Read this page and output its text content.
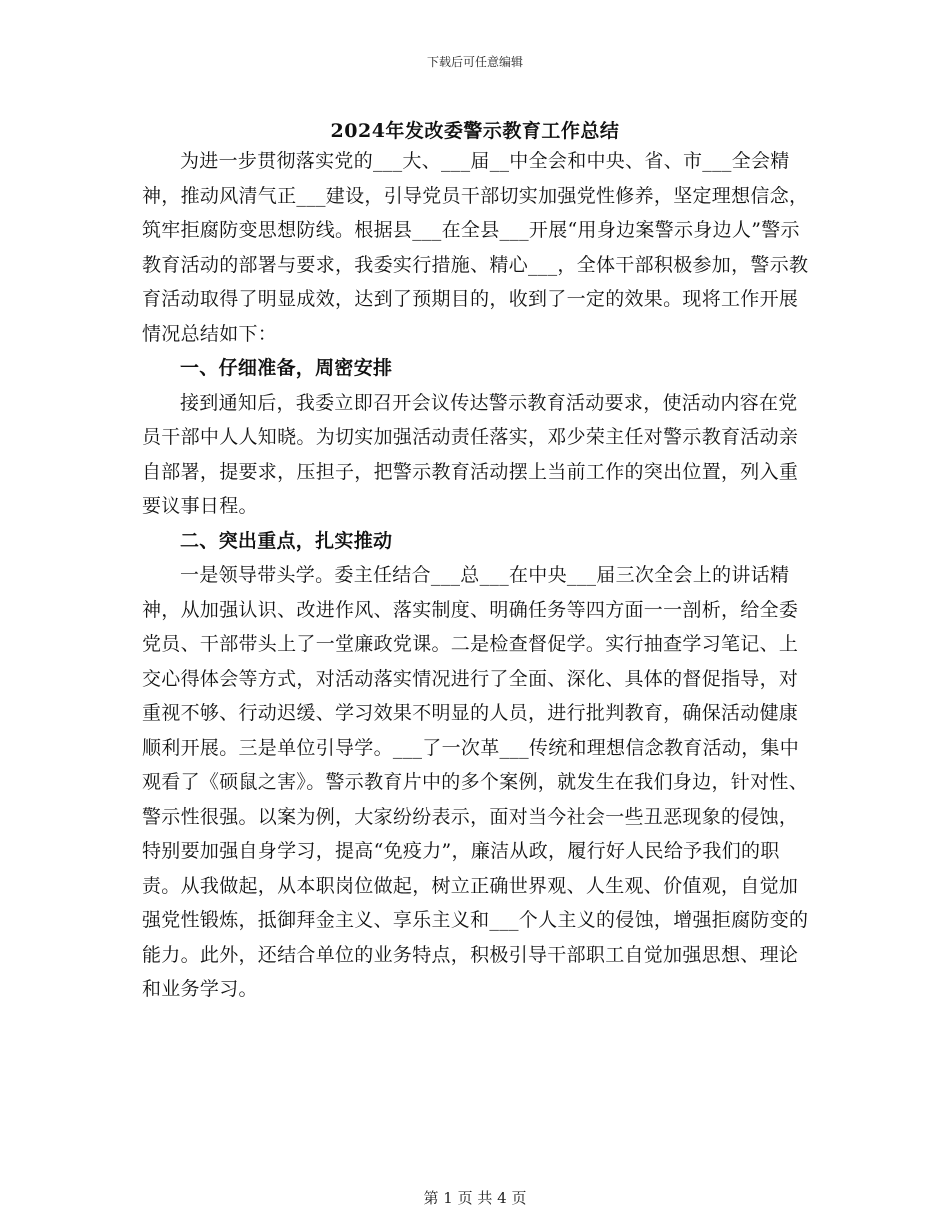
下载后可任意编辑
2024年发改委警示教育工作总结

为进一步贯彻落实党的___大、___届__中全会和中央、省、市___全会精神，推动风清气正___建设，引导党员干部切实加强党性修养，坚定理想信念，筑牢拒腐防变思想防线。根据县___在全县___开展“用身边案警示身边人”警示教育活动的部署与要求，我委实行措施、精心___，全体干部积极参加，警示教育活动取得了明显成效，达到了预期目的，收到了一定的效果。现将工作开展情况总结如下：

一、仔细准备，周密安排

接到通知后，我委立即召开会议传达警示教育活动要求，使活动内容在党员干部中人人知晓。为切实加强活动责任落实，邓少荣主任对警示教育活动亲自部署，提要求，压担子，把警示教育活动摆上当前工作的突出位置，列入重要议事日程。

二、突出重点，扎实推动

一是领导带头学。委主任结合___总___在中央___届三次全会上的讲话精神，从加强认识、改进作风、落实制度、明确任务等四方面一一剖析，给全委党员、干部带头上了一堂廉政党课。二是检查督促学。实行抽查学习笔记、上交心得体会等方式，对活动落实情况进行了全面、深化、具体的督促指导，对重视不够、行动迟缓、学习效果不明显的人员，进行批判教育，确保活动健康顺利开展。三是单位引导学。___了一次革___传统和理想信念教育活动，集中观看了《硕鼠之害》。警示教育片中的多个案例，就发生在我们身边，针对性、警示性很强。以案为例，大家纷纷表示，面对当今社会一些丑恶现象的侵蚀，特别要加强自身学习，提高“免疫力”，廉洁从政，履行好人民给予我们的职责。从我做起，从本职岗位做起，树立正确世界观、人生观、价值观，自觉加强党性锻炼，抵御拜金主义、享乐主义和___个人主义的侵蚀，增强拒腐防变的能力。此外，还结合单位的业务特点，积极引导干部职工自觉加强思想、理论和业务学习。

第 1 页 共 4 页
